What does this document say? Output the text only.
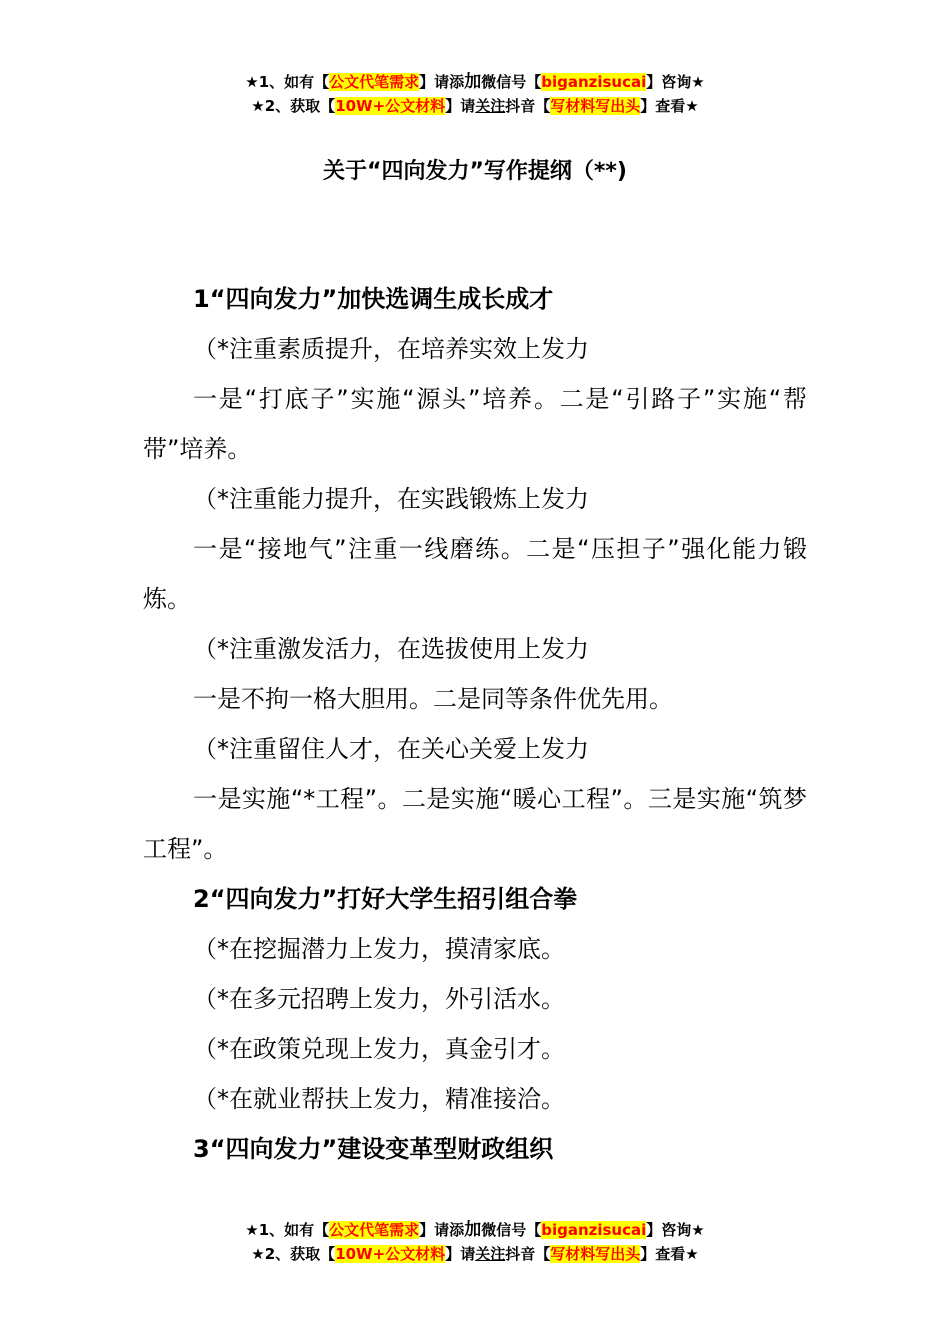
★1、如有【公文代笔需求】请添加微信号【biganzisucai】咨询★
★2、获取【10W+公文材料】请关注抖音【写材料写出头】查看★
关于“四向发力”写作提纲（**)

1“四向发力”加快选调生成长成才

（*注重素质提升，在培养实效上发力

一是“打底子”实施“源头”培养。二是“引路子”实施“帮带”培养。

（*注重能力提升，在实践锻炼上发力

一是“接地气”注重一线磨练。二是“压担子”强化能力锻炼。

（*注重激发活力，在选拔使用上发力

一是不拘一格大胆用。二是同等条件优先用。

（*注重留住人才，在关心关爱上发力

一是实施“*工程”。二是实施“暖心工程”。三是实施“筑梦工程”。

2“四向发力”打好大学生招引组合拳

（*在挖掘潜力上发力，摸清家底。

（*在多元招聘上发力，外引活水。

（*在政策兑现上发力，真金引才。

（*在就业帮扶上发力，精准接洽。

3“四向发力”建设变革型财政组织

★1、如有【公文代笔需求】请添加微信号【biganzisucai】咨询★
★2、获取【10W+公文材料】请关注抖音【写材料写出头】查看★
